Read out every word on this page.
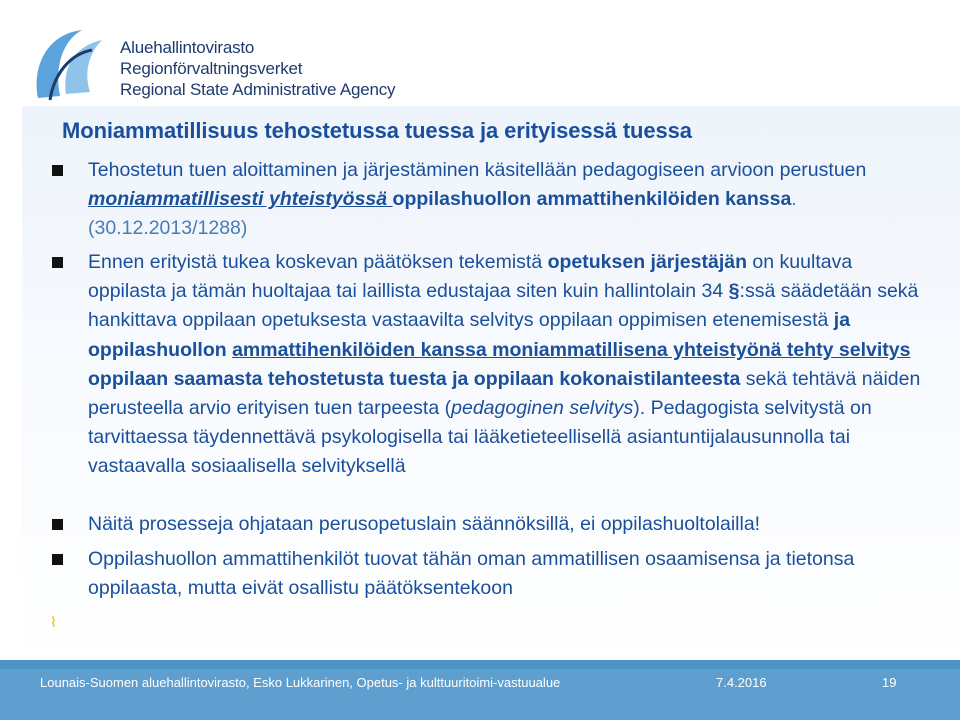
Aluehallintovirasto
Regionförvaltningsverket
Regional State Administrative Agency
Moniammatillisuus tehostetussa tuessa ja erityisessä tuessa
Tehostetun tuen aloittaminen ja järjestäminen käsitellään pedagogiseen arvioon perustuen moniammatillisesti yhteistyössä oppilashuollon ammattihenkilöiden kanssa. (30.12.2013/1288)
Ennen erityistä tukea koskevan päätöksen tekemistä opetuksen järjestäjän on kuultava oppilasta ja tämän huoltajaa tai laillista edustajaa siten kuin hallintolain 34 §:ssä säädetään sekä hankittava oppilaan opetuksesta vastaavilta selvitys oppilaan oppimisen etenemisestä ja oppilashuollon ammattihenkilöiden kanssa moniammatillisena yhteistyönä tehty selvitys oppilaan saamasta tehostetusta tuesta ja oppilaan kokonaistilanteesta sekä tehtävä näiden perusteella arvio erityisen tuen tarpeesta (pedagoginen selvitys). Pedagogista selvitystä on tarvittaessa täydennettävä psykologisella tai lääketieteellisellä asiantuntijalausunnolla tai vastaavalla sosiaalisella selvityksellä
Näitä prosesseja ohjataan perusopetuslain säännöksillä, ei oppilashuoltolailla!
Oppilashuollon ammattihenkilöt tuovat tähän oman ammatillisen osaamisensa ja tietonsa oppilaasta, mutta eivät osallistu päätöksentekoon
⌇
Lounais-Suomen aluehallintovirasto, Esko Lukkarinen, Opetus- ja kulttuuritoimi-vastuualue	7.4.2016	19
